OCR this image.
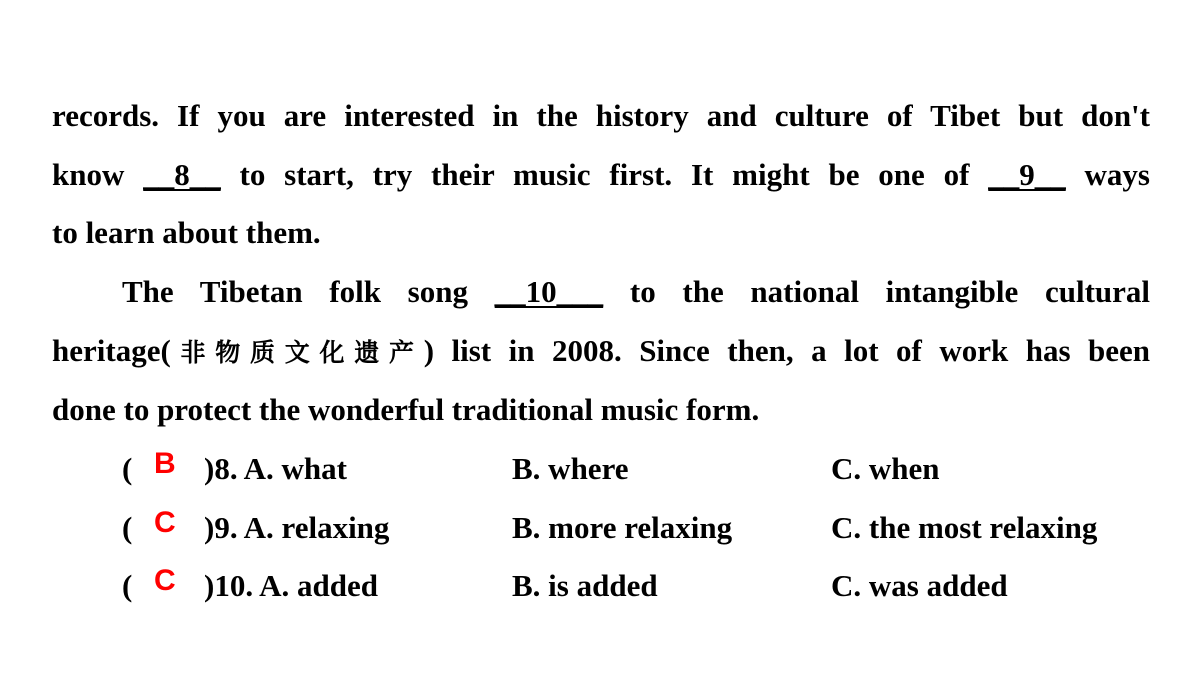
records. If you are interested in the history and culture of Tibet but don't
know __8__ to start, try their music first. It might be one of __9__ ways
to learn about them.
The Tibetan folk song __10___ to the national intangible cultural
heritage(非物质文化遗产) list in 2008. Since then, a lot of work has been
done to protect the wonderful traditional music form.
( B )8. A. what	B. where	C. when
( C )9. A. relaxing	B. more relaxing	C. the most relaxing
( C )10. A. added	B. is added	C. was added
